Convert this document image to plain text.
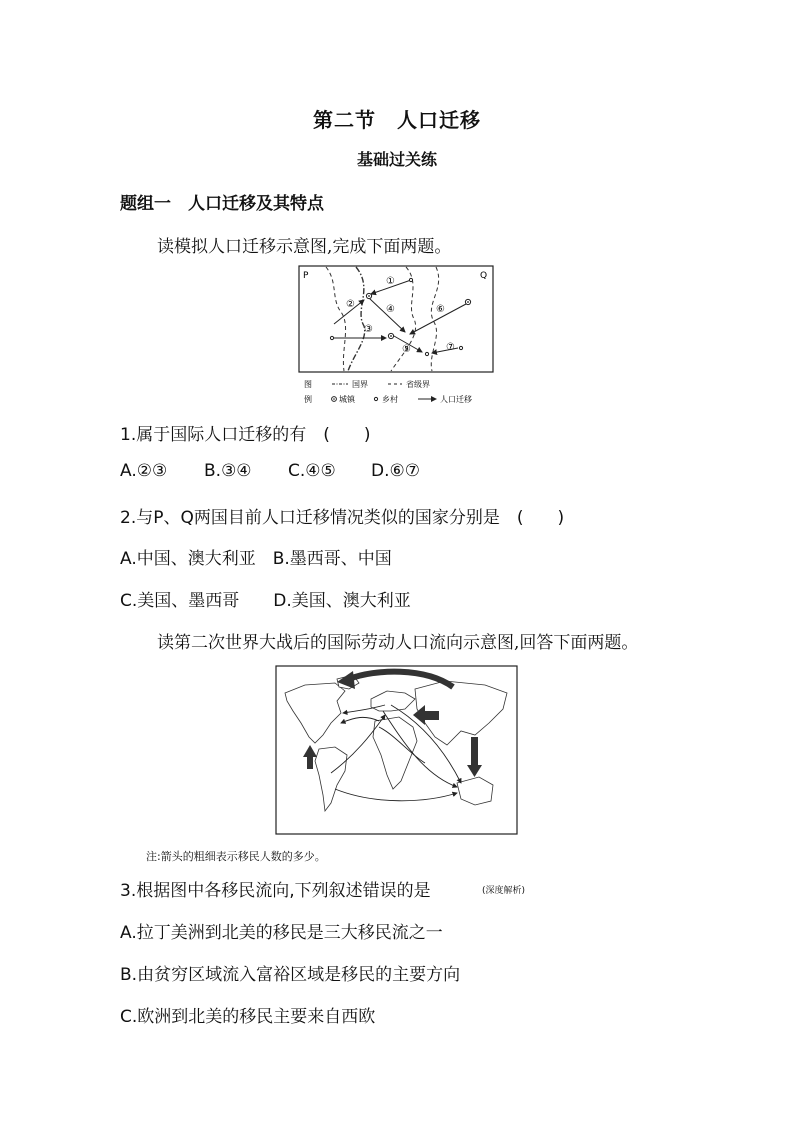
第二节　人口迁移
基础过关练
题组一　人口迁移及其特点
读模拟人口迁移示意图,完成下面两题。
P	Q
①
②
③
④
⑤
⑥
⑦
图
例
国界	省级界
城镇	乡村	人口迁移
1.属于国际人口迁移的有　(　　)
A.②③ B.③④ C.④⑤ D.⑥⑦
2.与P、Q两国目前人口迁移情况类似的国家分别是　(　　)
A.中国、澳大利亚　B.墨西哥、中国
C.美国、墨西哥　　D.美国、澳大利亚
读第二次世界大战后的国际劳动人口流向示意图,回答下面两题。
注:箭头的粗细表示移民人数的多少。
3.根据图中各移民流向,下列叙述错误的是	(深度解析)
A.拉丁美洲到北美的移民是三大移民流之一
B.由贫穷区域流入富裕区域是移民的主要方向
C.欧洲到北美的移民主要来自西欧
